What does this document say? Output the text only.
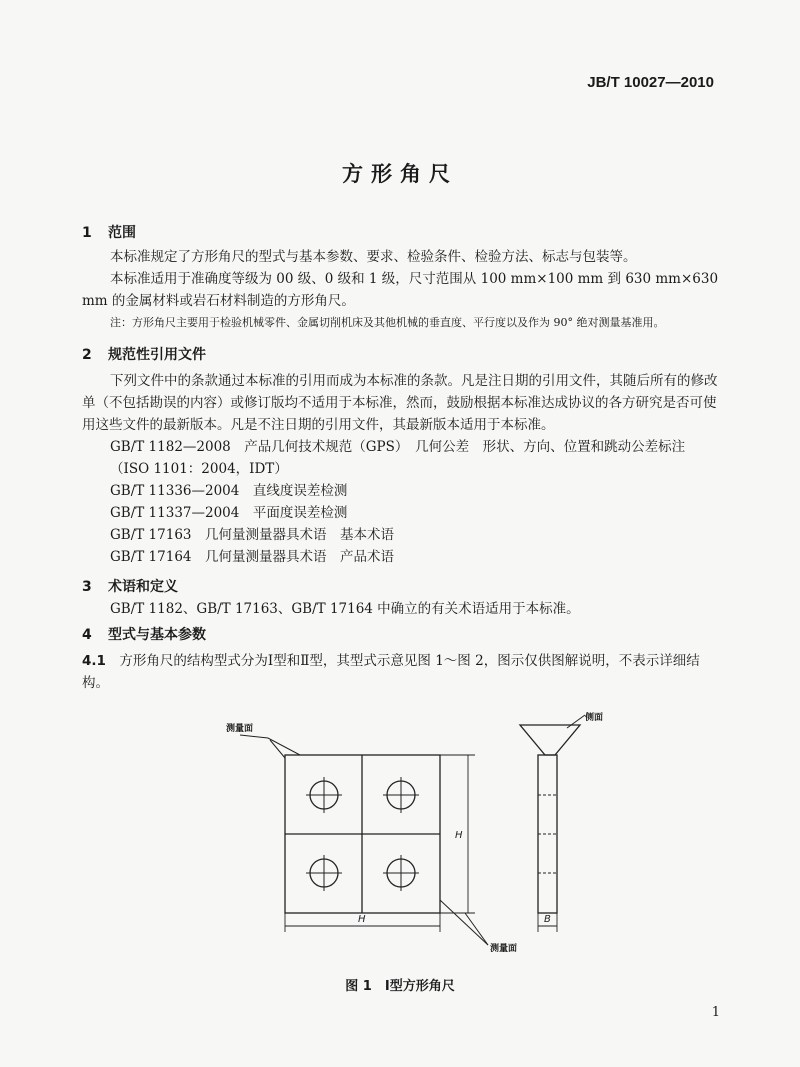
JB/T 10027—2010
方形角尺
1 范围
本标准规定了方形角尺的型式与基本参数、要求、检验条件、检验方法、标志与包装等。
本标准适用于准确度等级为 00 级、0 级和 1 级，尺寸范围从 100 mm×100 mm 到 630 mm×630 mm 的金属材料或岩石材料制造的方形角尺。
注：方形角尺主要用于检验机械零件、金属切削机床及其他机械的垂直度、平行度以及作为 90° 绝对测量基准用。
2 规范性引用文件
下列文件中的条款通过本标准的引用而成为本标准的条款。凡是注日期的引用文件，其随后所有的修改单（不包括勘误的内容）或修订版均不适用于本标准，然而，鼓励根据本标准达成协议的各方研究是否可使用这些文件的最新版本。凡是不注日期的引用文件，其最新版本适用于本标准。
GB/T 1182—2008　 产品几何技术规范（GPS）　几何公差　形状、方向、位置和跳动公差标注（ISO 1101：2004，IDT）
GB/T 11336—2004　 直线度误差检测
GB/T 11337—2004　 平面度误差检测
GB/T 17163　 几何量测量器具术语　基本术语
GB/T 17164　 几何量测量器具术语　产品术语
3 术语和定义
GB/T 1182、GB/T 17163、GB/T 17164 中确立的有关术语适用于本标准。
4 型式与基本参数
4.1　 方形角尺的结构型式分为Ⅰ型和Ⅱ型，其型式示意见图 1～图 2，图示仅供图解说明，不表示详细结构。
测量面
侧面
测量面
H
H
B
图 1　Ⅰ型方形角尺
1
